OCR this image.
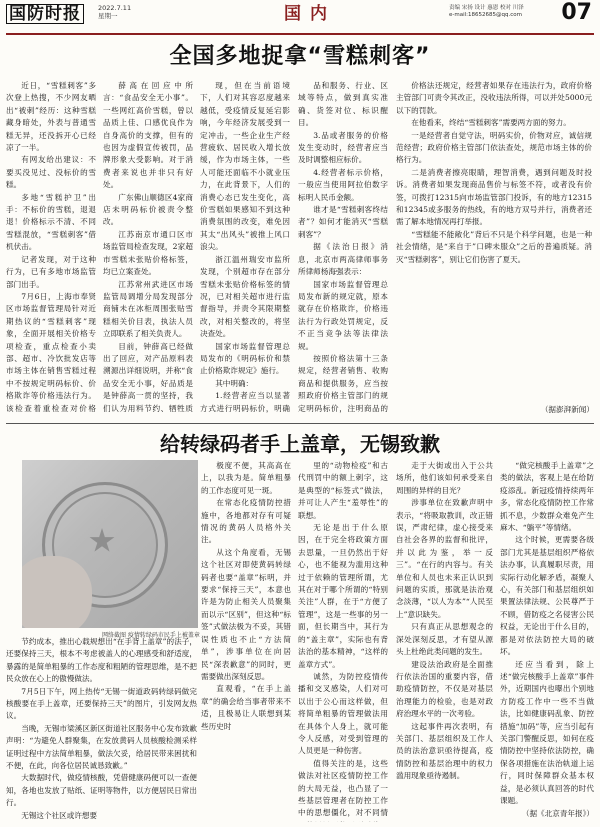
国防时报	2022.7.11
星期一	国内	责编 宋扬 设计 惠恩 校对 川泽
e-mail:18652685@qq.com	07
全国多地捉拿“雪糕刺客”

近日，“雪糕刺客”多次登上热搜，不少网友晒出“被刺”经历：这种雪糕藏身暗处，外表与普通雪糕无异，还没拆开心已经凉了一半。

有网友给出建议：不要买没见过、没标价的雪糕。

多地“雪糕护卫”出手：不标价的雪糕，退退退！价格标示不清、不同雪糕混放，“雪糕刺客”借机伏击。

记者发现，对于这种行为，已有多地市场监管部门出手。

7月6日，上海市奉贤区市场监督管理局针对近期热议的“雪糕刺客”现象，全面开展相关价格专项检查，重点检查小卖部、超市、冷饮批发店等市场主体在销售雪糕过程中不按规定明码标价、价格欺诈等价格违法行为。该检查着重检查对价格

薛高在回应中所言：“食品安全无小事”。一些网红高价雪糕，曾以品质上佳、口感优良作为自身高价的支撑，但有的也因为虚假宣传被罚，品牌形象大受影响。对于消费者来说也并非只有好处。

广东佛山顺德区4家商店未明码标价被责令整改。

江苏南京市通口区市场监管局检查发现，2家超市雪糕未张贴价格标签，均已立案查处。

江苏常州武进区市场监管局调增分局发现部分商铺未在冰柜周围张贴雪糕相关价目表，执法人员立即联系了相关负责人。

目前，钟薛高已经做出了回应，对产品原料表溯源出详细说明，并称“食品安全无小事，好品质是是钟薛高一贯的坚持，我们认为用料节约、牺牲质

现，但在当前语境下，人们对其容忍度越来越低，受疫情反复延宕影响，今年经济发展受到一定冲击，一些企业生产经营疲软、居民收入增长放缓，作为市场主体，一些人可能还面临不小就业压力，在此背景下，人们的消费心态已发生变化，高价雪糕如果感知不到这种消费氛围的改变，难免因其太“出风头”被推上风口浪尖。

浙江温州瑞安市监所发现，个别超市存在部分雪糕未张贴价格标签的情况，已对相关超市进行监督指导，并责令其限期整改，对相关整改的，将坚决查处。

国家市场监督管理总局发布的《明码标价和禁止价格欺诈规定》施行。

其中明确：

1.经营者应当以显著方式进行明码标价，明确

品和服务、行业、区域等特点，做到真实准确、货签对位、标识醒目。

3.品或者服务的价格发生变动时，经营者应当及时调整相应标价。

4.经营者标示价格，一般应当使用阿拉伯数字标明人民币金额。

谁才是“雪糕刺客终结者”？如何才能消灭“雪糕刺客”？

据《法治日报》消息，北京市两高律师事务所律师杨海强表示：

国家市场监督管理总局发布新的规定就，原本就存在价格欺诈，价格违法行为行政处罚规定，反不正当竞争法等法律法规。

按照价格法第十三条规定，经营者销售、收购商品和提供服务，应当按照政府价格主管部门的规定明码标价，注明商品的

价格法还规定，经营者如果存在违法行为，政府价格主管部门可责令其改正，没收违法所得，可以并处5000元以下的罚款。

在他看来，终结“雪糕刺客”需要两方面的努力。

一是经营者自觉守法，明码实价，价物对应，诚信规范经营；政府价格主管部门依法查处，规范市场主体的价格行为。

二是消费者擦亮眼睛，理智消费，遇到问题及时投诉。消费者如果发现商品售价与标签不符，或者没有价签，可拨打12315向市场监管部门投诉，有的地方12315和12345或多服务的热线，有的地方双号并行，消费者还需了解本地情况再打举报。

“雪糕能不能敞化”背后不只是个科学问题，也是一种社会情绪，是“来自于”口碑未服众”之后的普遍质疑。消灭“雪糕刺客”，别让它们伤害了夏天。

（据澎湃新闻）

给转绿码者手上盖章，无锡致歉
网络截图 疫情转绿码市民手上被盖章

节约成本，推出心载规想出“在手背上盖章”的法子，还要保持三天，根本不考虑被盖人的心理感受和舒适度，暴露的是简单粗暴的工作态度和粗陋的管理思维，是不把民众放在心上的傲慢做法。

7月5日下午，网上热传“无锡一街道政码转绿码做完核酸要在手上盖章，还要保持三天”的图片，引发网友热议。

当晚，无锡市梁溪区新区街道社区服务中心发布致歉声明：“为避免人群聚集，在发放黄码人员核酸检测采样证明过程中方法简单粗暴，做法欠妥，给居民带来困扰和不便，在此，向各位居民诚恳致歉。”

大数据时代，做疫情核酸，凭借健康码便可以一查便知，各地也发放了贴纸、证明等物件，以方便居民日常出行。

无锡这个社区或许想要

极度不便，其高高在上，以我为是。简单粗暴的工作态度可见一斑。

在常态化疫情防控措施中，各地都对存有可疑情况的黄码人员格外关注。

从这个角度看，无锡这个社区对即使黄码转绿码者也要“盖章”标明，并要求“保持三天”，本意也许是为防止相关人员聚集而以示“区别”，但这种“标签”式做法极为不妥，其错误性质也不止“方法简单”，涉事单位在向居民“深表歉意”的同时，更需要做出深刻反思。

直观看，“在手上盖章”的确会给当事者带来不适，且极易让人联想到某些历史时

里的“动物检疫”和古代刑罚中的额上刺字，这是典型的“标签式”做法，并可让人产生“羞辱性”的联想。

无论是出于什么原因，在于完全将政策方面去思量，一旦仍然出于好心，也不能视为滥用这种过于依赖的管理所谓，尤其在对于哪个所谓的“特别关注”人群，在于“方便了管理”，这是一些事的另一面，但长期当中，其行为的“盖主章”，实际也有背法治的基本精神，“这样的盖章方式”。

诚然，为防控疫情传播和交叉感染，人们对可以出于公心而这样做，但将简单粗暴的管理做法用在具体个人身上，就可能令人反感，对受到管理的人员更是一种伤害。

值得关注的是，这些做法对社区疫情防控工作的大局无益，也凸显了一些基层管理者在防控工作中的思想僵化，对不同情

走于大街或出入于公共场所，他们该如何承受来自周围的异样的目光？

涉事单位在致歉声明中表示，“将吸取教训，改正错误，严肃纪律，虚心接受来自社会各界的监督和批评，并以此为鉴，举一反三”。“在行的内容与。有关单位和人员也未来正认识到问题的实质，那就是法治观念淡薄，“以人为本”“人民至上”意识缺失。

只有真正从思想观念的深处深刻反思，才有望从源头上杜绝此类问题的发生。

建设法治政府是全面推行依法治国的重要内容，借助疫情防控，不仅是对基层治理能力的检验，也是对政府治理水平的一次考验。

这起事件再次表明，有关部门、基层组织及工作人员的法治意识亟待提高，疫情防控和基层治理中的权力滥用现象亟待遏制。

“做完核酸手上盖章”之类的做法，客观上是在给防疫添乱。新冠疫情持续两年多，常态化疫情防控工作常抓不息，少数群众难免产生麻木、“躺平”等情绪。

这个时候，更需要各级部门尤其是基层组织严格依法办事，认真履职尽责，用实际行动化解矛盾，凝聚人心，有关部门和基层组织如果置法律法规、公民尊严于不顾，借防疫之名侵害公民权益，无论出于什么目的，都是对依法防控大局的破坏。

还应当看到，除上述“做完核酸手上盖章”事件外，近期国内也曝出个别地方防疫工作中一些不当做法，比如健康码乱象、防控措施“加码”等，应当引起有关部门警醒反思，如何在疫情防控中坚持依法防控，确保各项措施在法治轨道上运行，同时保障群众基本权益，是必须认真回答的时代课题。

（据《北京青年报》）
